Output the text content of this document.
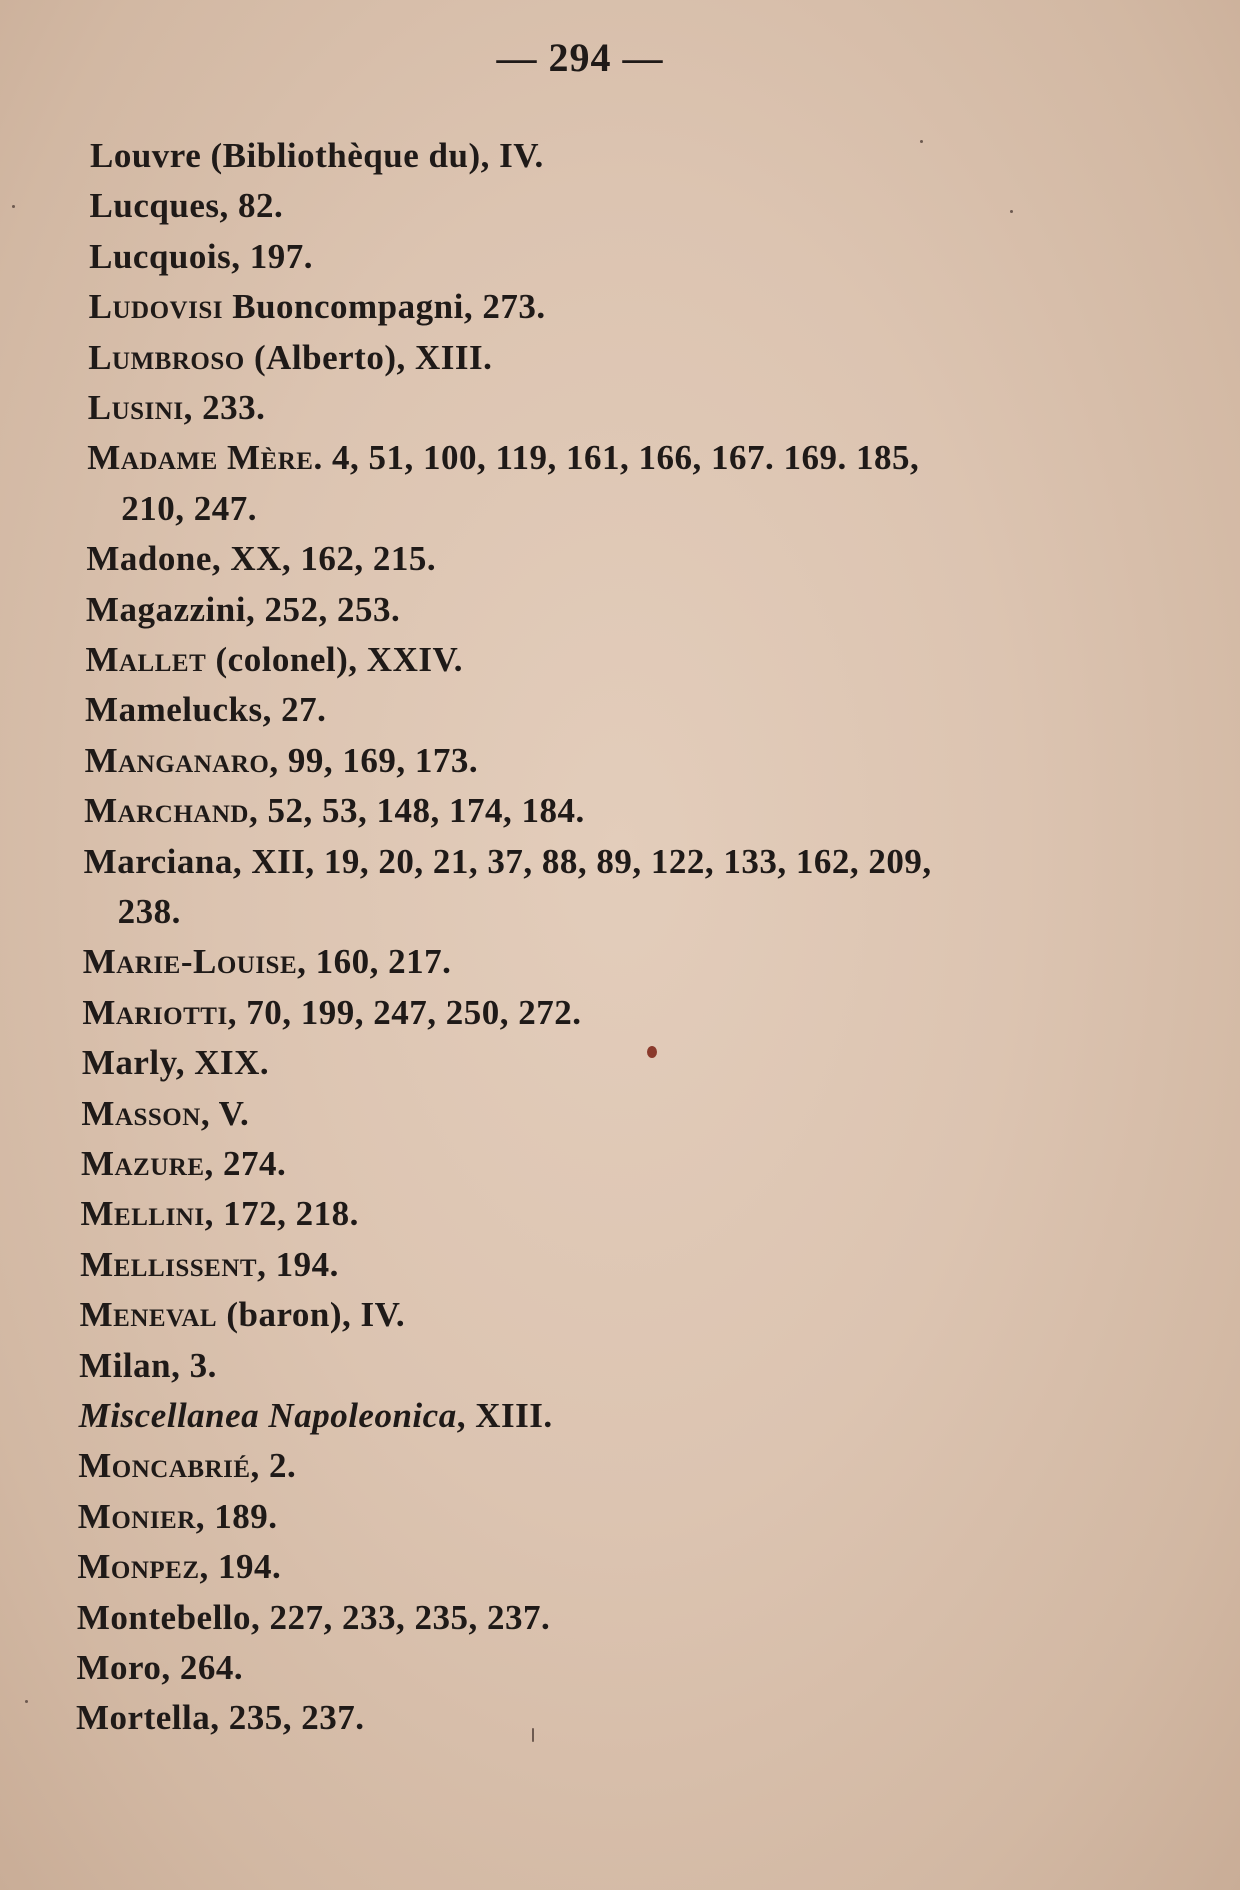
— 294 —
Louvre (Bibliothèque du), IV.
Lucques, 82.
Lucquois, 197.
Ludovisi Buoncompagni, 273.
Lumbroso (Alberto), XIII.
Lusini, 233.
Madame Mère. 4, 51, 100, 119, 161, 166, 167. 169. 185,
210, 247.
Madone, XX, 162, 215.
Magazzini, 252, 253.
Mallet (colonel), XXIV.
Mamelucks, 27.
Manganaro, 99, 169, 173.
Marchand, 52, 53, 148, 174, 184.
Marciana, XII, 19, 20, 21, 37, 88, 89, 122, 133, 162, 209,
238.
Marie-Louise, 160, 217.
Mariotti, 70, 199, 247, 250, 272.
Marly, XIX.
Masson, V.
Mazure, 274.
Mellini, 172, 218.
Mellissent, 194.
Meneval (baron), IV.
Milan, 3.
Miscellanea Napoleonica, XIII.
Moncabrié, 2.
Monier, 189.
Monpez, 194.
Montebello, 227, 233, 235, 237.
Moro, 264.
Mortella, 235, 237.
